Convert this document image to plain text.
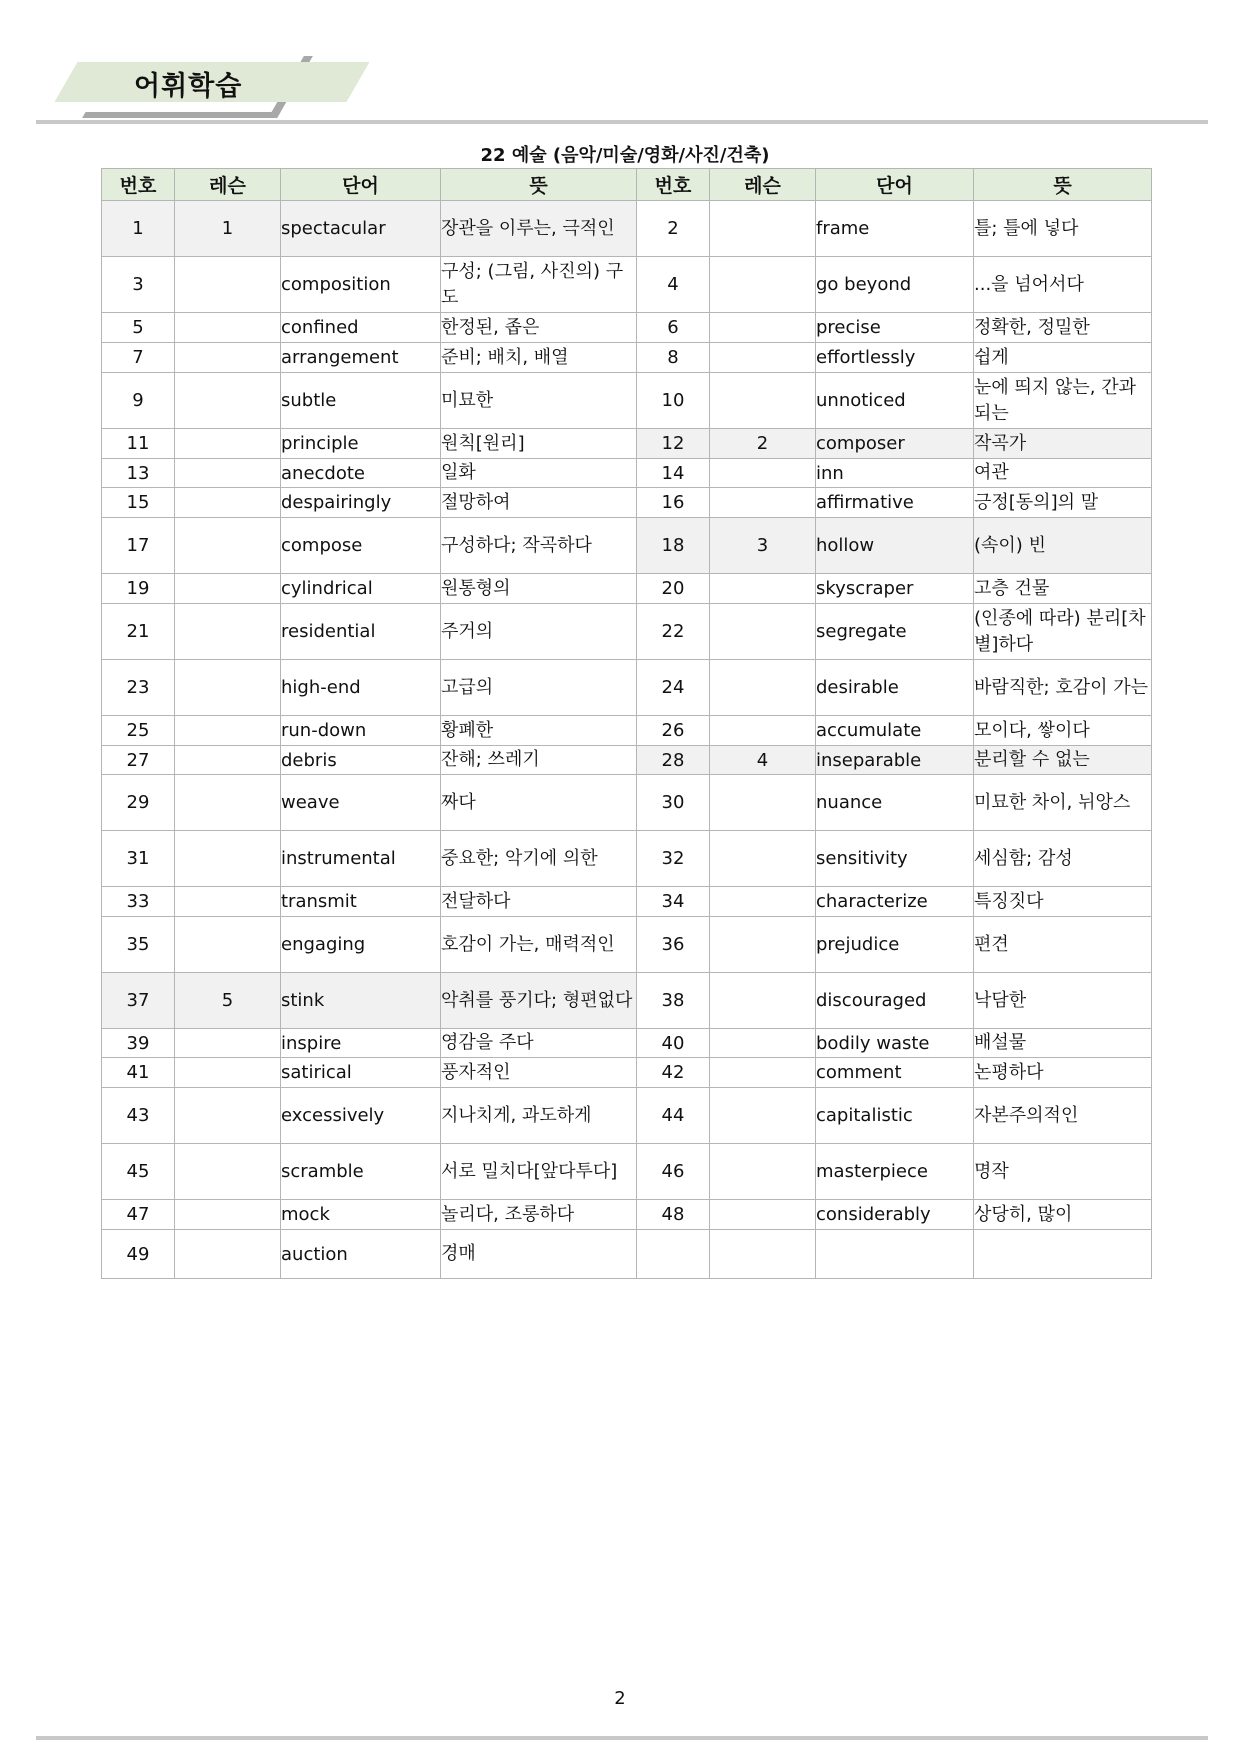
어휘학습
22 예술 (음악/미술/영화/사진/건축)
번호	레슨	단어	뜻	번호	레슨	단어	뜻
1	1	spectacular	장관을 이루는, 극적인	2		frame	틀; 틀에 넣다
3		composition	구성; (그림, 사진의) 구도	4		go beyond	...을 넘어서다
5		confined	한정된, 좁은	6		precise	정확한, 정밀한
7		arrangement	준비; 배치, 배열	8		effortlessly	쉽게
9		subtle	미묘한	10		unnoticed	눈에 띄지 않는, 간과되는
11		principle	원칙[원리]	12	2	composer	작곡가
13		anecdote	일화	14		inn	여관
15		despairingly	절망하여	16		affirmative	긍정[동의]의 말
17		compose	구성하다; 작곡하다	18	3	hollow	(속이) 빈
19		cylindrical	원통형의	20		skyscraper	고층 건물
21		residential	주거의	22		segregate	(인종에 따라) 분리[차별]하다
23		high-end	고급의	24		desirable	바람직한; 호감이 가는
25		run-down	황폐한	26		accumulate	모이다, 쌓이다
27		debris	잔해; 쓰레기	28	4	inseparable	분리할 수 없는
29		weave	짜다	30		nuance	미묘한 차이, 뉘앙스
31		instrumental	중요한; 악기에 의한	32		sensitivity	세심함; 감성
33		transmit	전달하다	34		characterize	특징짓다
35		engaging	호감이 가는, 매력적인	36		prejudice	편견
37	5	stink	악취를 풍기다; 형편없다	38		discouraged	낙담한
39		inspire	영감을 주다	40		bodily waste	배설물
41		satirical	풍자적인	42		comment	논평하다
43		excessively	지나치게, 과도하게	44		capitalistic	자본주의적인
45		scramble	서로 밀치다[앞다투다]	46		masterpiece	명작
47		mock	놀리다, 조롱하다	48		considerably	상당히, 많이
49		auction	경매				
2
